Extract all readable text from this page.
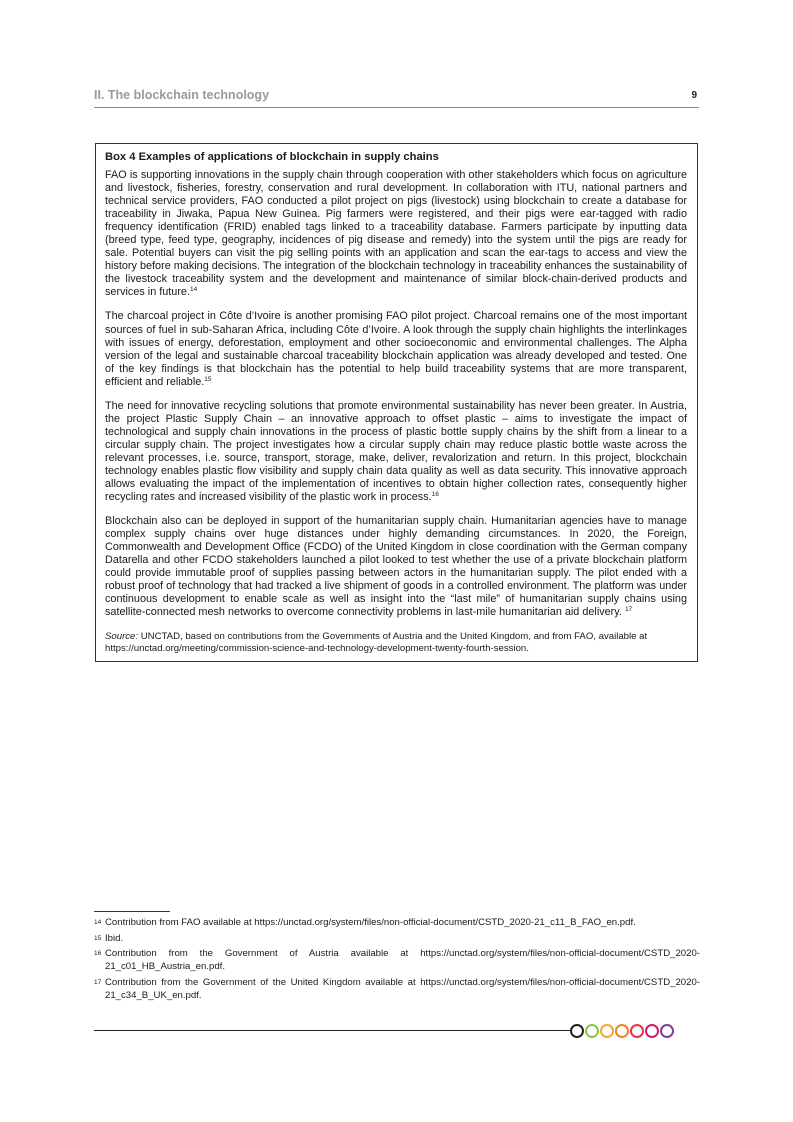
II. The blockchain technology	9
Box 4 Examples of applications of blockchain in supply chains

FAO is supporting innovations in the supply chain through cooperation with other stakeholders which focus on agriculture and livestock, fisheries, forestry, conservation and rural development. In collaboration with ITU, national partners and technical service providers, FAO conducted a pilot project on pigs (livestock) using blockchain to create a database for traceability in Jiwaka, Papua New Guinea. Pig farmers were registered, and their pigs were ear-tagged with radio frequency identification (FRID) enabled tags linked to a traceability database. Farmers participate by inputting data (breed type, feed type, geography, incidences of pig disease and remedy) into the system until the pigs are ready for sale. Potential buyers can visit the pig selling points with an application and scan the ear-tags to access and view the history before making decisions. The integration of the blockchain technology in traceability enhances the sustainability of the livestock traceability system and the development and maintenance of similar block-chain-derived products and services in future.$^{14}$

The charcoal project in Côte d’Ivoire is another promising FAO pilot project. Charcoal remains one of the most important sources of fuel in sub-Saharan Africa, including Côte d’Ivoire. A look through the supply chain highlights the interlinkages with issues of energy, deforestation, employment and other socioeconomic and environmental challenges. The Alpha version of the legal and sustainable charcoal traceability blockchain application was already developed and tested. One of the key findings is that blockchain has the potential to help build traceability systems that are more transparent, efficient and reliable.$^{15}$

The need for innovative recycling solutions that promote environmental sustainability has never been greater. In Austria, the project Plastic Supply Chain – an innovative approach to offset plastic – aims to investigate the impact of technological and supply chain innovations in the process of plastic bottle supply chains by the shift from a linear to a circular supply chain. The project investigates how a circular supply chain may reduce plastic bottle waste across the relevant processes, i.e. source, transport, storage, make, deliver, revalorization and return. In this project, blockchain technology enables plastic flow visibility and supply chain data quality as well as data security. This innovative approach allows evaluating the impact of the implementation of incentives to obtain higher collection rates, consequently higher recycling rates and increased visibility of the plastic work in process.$^{16}$

Blockchain also can be deployed in support of the humanitarian supply chain. Humanitarian agencies have to manage complex supply chains over huge distances under highly demanding circumstances. In 2020, the Foreign, Commonwealth and Development Office (FCDO) of the United Kingdom in close coordination with the German company Datarella and other FCDO stakeholders launched a pilot looked to test whether the use of a private blockchain platform could provide immutable proof of supplies passing between actors in the humanitarian supply. The pilot ended with a robust proof of technology that had tracked a live shipment of goods in a controlled environment. The platform was under continuous development to enable scale as well as insight into the “last mile” of humanitarian supply chains using satellite-connected mesh networks to overcome connectivity problems in last-mile humanitarian aid delivery. $^{17}$

Source: UNCTAD, based on contributions from the Governments of Austria and the United Kingdom, and from FAO, available at https://unctad.org/meeting/commission-science-and-technology-development-twenty-fourth-session.

14 Contribution from FAO available at https://unctad.org/system/files/non-official-document/CSTD_2020-21_c11_B_FAO_en.pdf.
15 Ibid.
16 Contribution from the Government of Austria available at https://unctad.org/system/files/non-official-document/CSTD_2020-21_c01_HB_Austria_en.pdf.
17 Contribution from the Government of the United Kingdom available at https://unctad.org/system/files/non-official-document/CSTD_2020-21_c34_B_UK_en.pdf.
